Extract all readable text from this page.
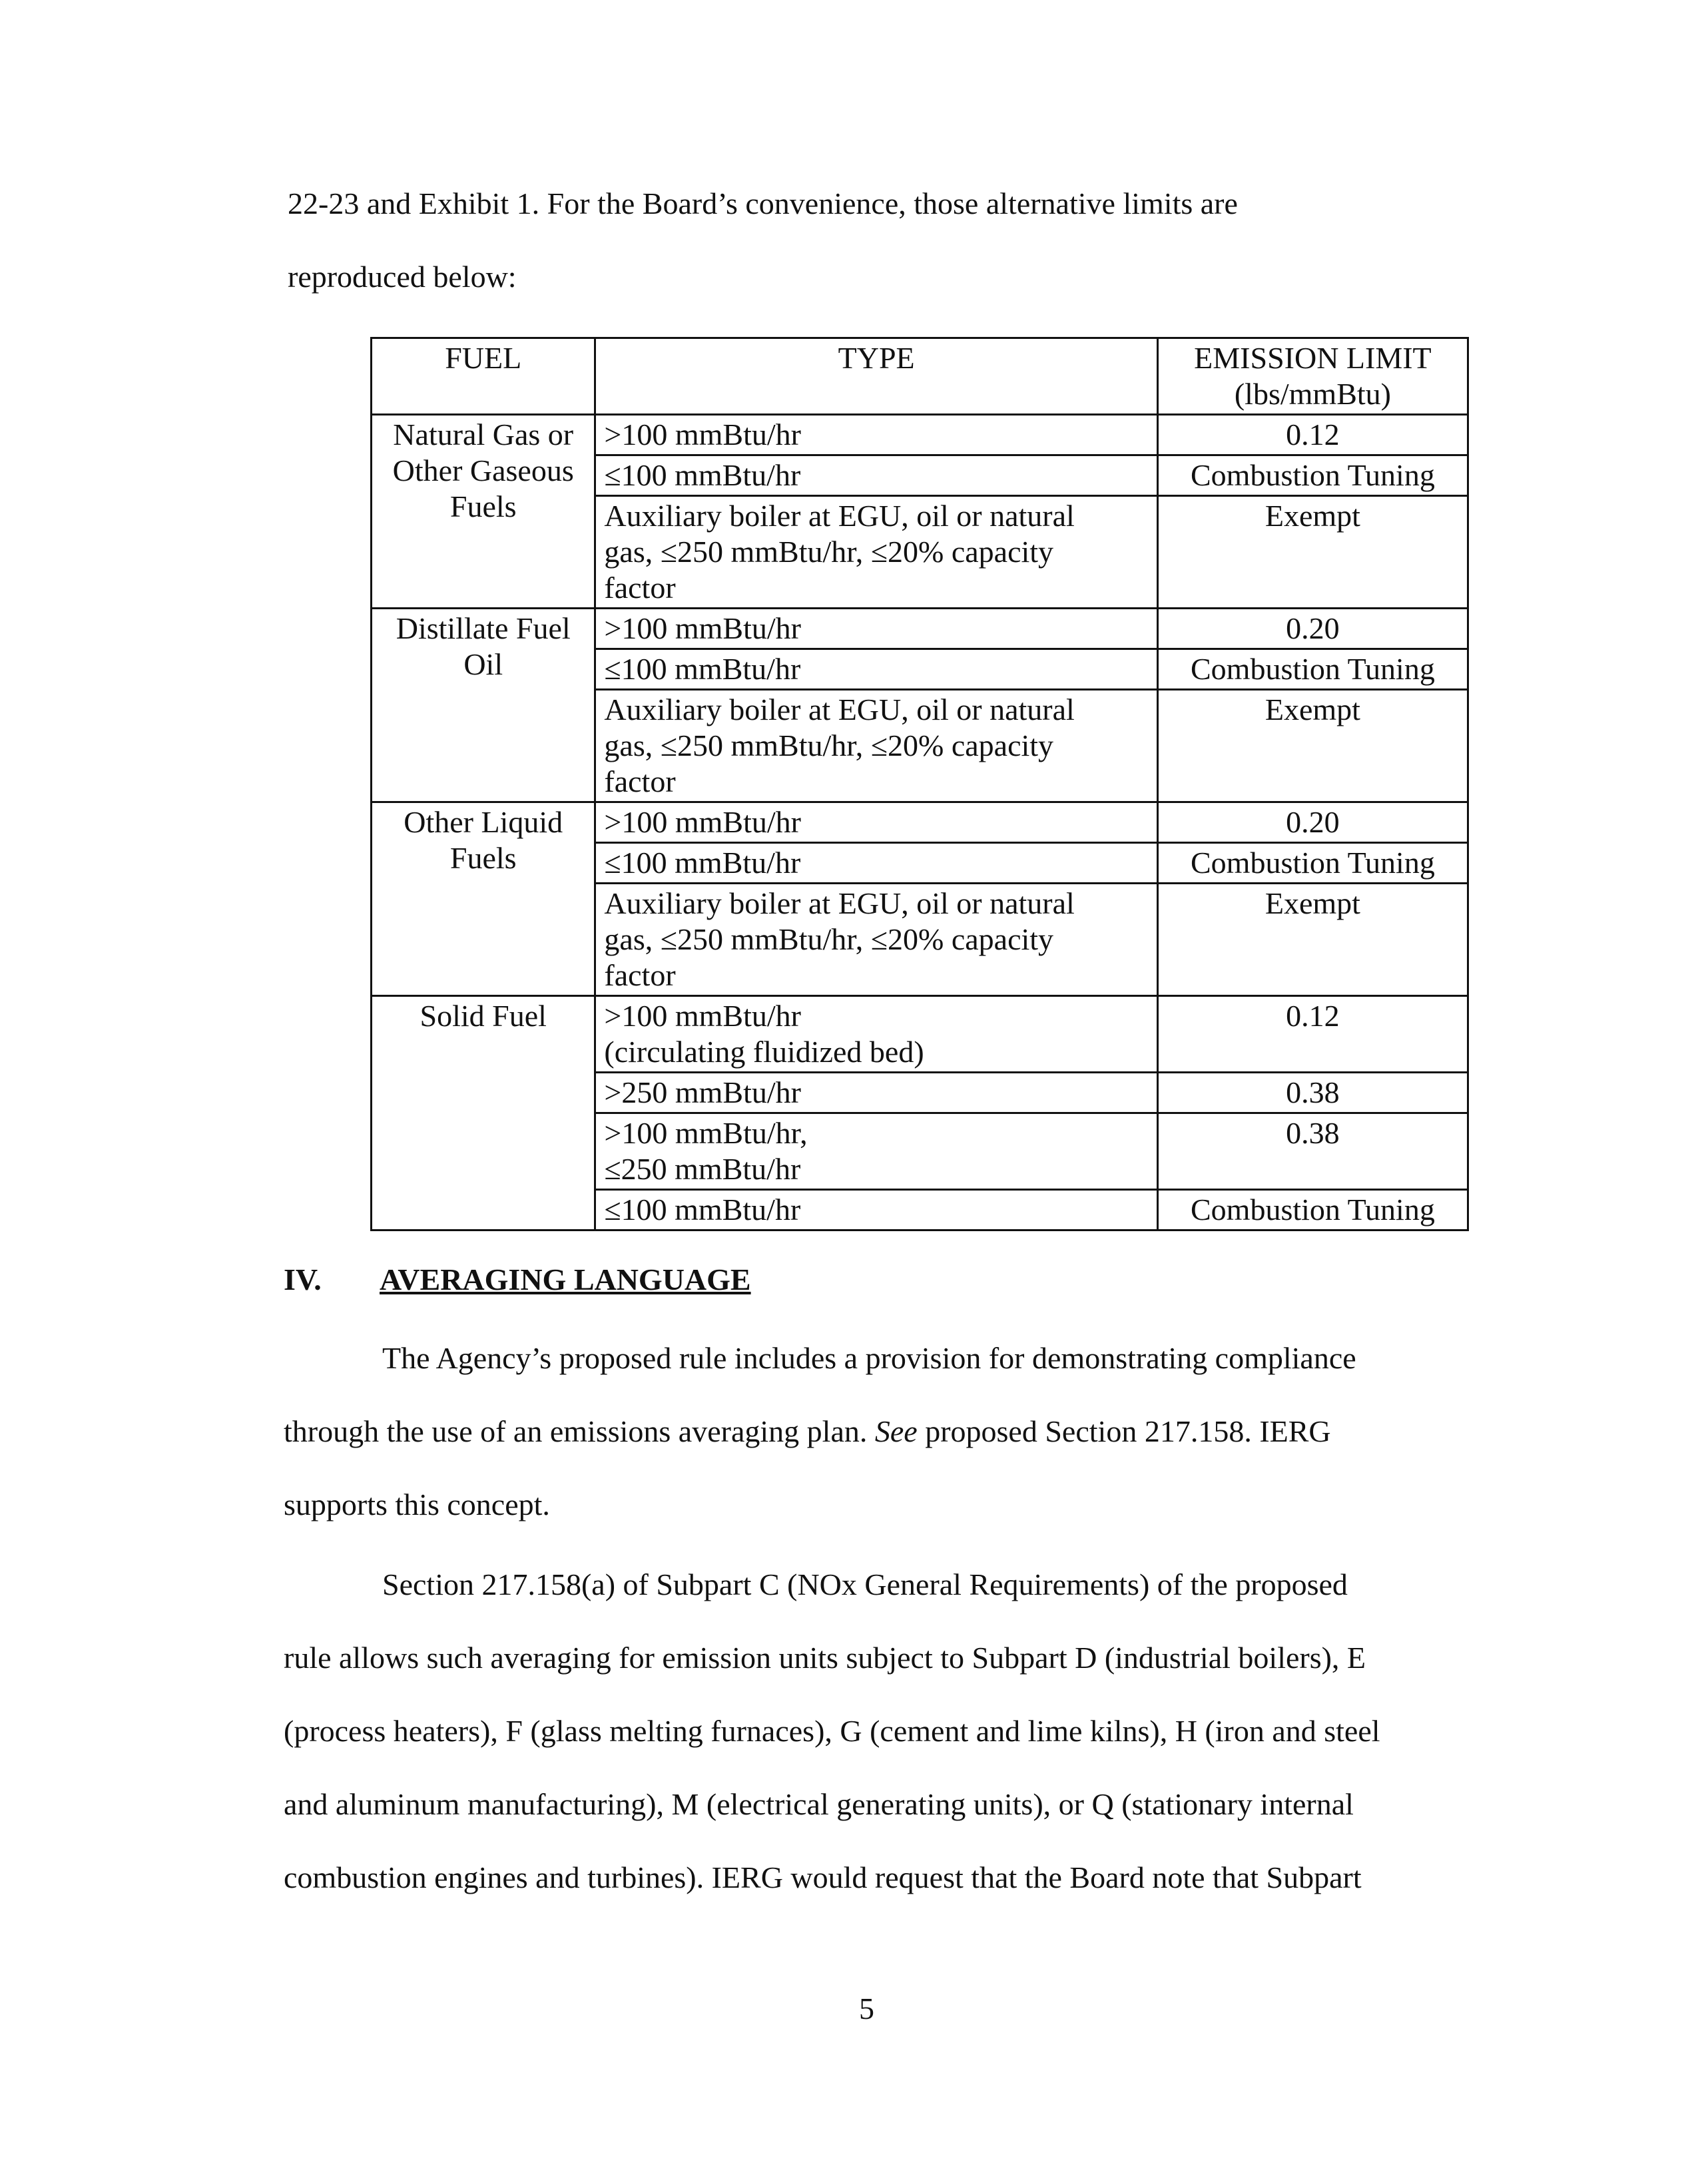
22-23 and Exhibit 1. For the Board’s convenience, those alternative limits are
reproduced below:
FUEL	TYPE	EMISSION LIMIT
(lbs/mmBtu)

Natural Gas or
Other Gaseous
Fuels	>100 mmBtu/hr	0.12
	≤100 mmBtu/hr	Combustion Tuning

	Auxiliary boiler at EGU, oil or natural
gas, ≤250 mmBtu/hr, ≤20% capacity
factor	Exempt

Distillate Fuel
Oil	>100 mmBtu/hr	0.20
	≤100 mmBtu/hr	Combustion Tuning

	Auxiliary boiler at EGU, oil or natural
gas, ≤250 mmBtu/hr, ≤20% capacity
factor	Exempt

Other Liquid
Fuels	>100 mmBtu/hr	0.20
	≤100 mmBtu/hr	Combustion Tuning

	Auxiliary boiler at EGU, oil or natural
gas, ≤250 mmBtu/hr, ≤20% capacity
factor	Exempt

Solid Fuel	>100 mmBtu/hr
(circulating fluidized bed)	0.12
	>250 mmBtu/hr	0.38

	>100 mmBtu/hr,
≤250 mmBtu/hr	0.38
	≤100 mmBtu/hr	Combustion Tuning
IV. AVERAGING LANGUAGE
The Agency’s proposed rule includes a provision for demonstrating compliance
through the use of an emissions averaging plan. See proposed Section 217.158. IERG
supports this concept.
Section 217.158(a) of Subpart C (NOx General Requirements) of the proposed
rule allows such averaging for emission units subject to Subpart D (industrial boilers), E
(process heaters), F (glass melting furnaces), G (cement and lime kilns), H (iron and steel
and aluminum manufacturing), M (electrical generating units), or Q (stationary internal
combustion engines and turbines). IERG would request that the Board note that Subpart
5
